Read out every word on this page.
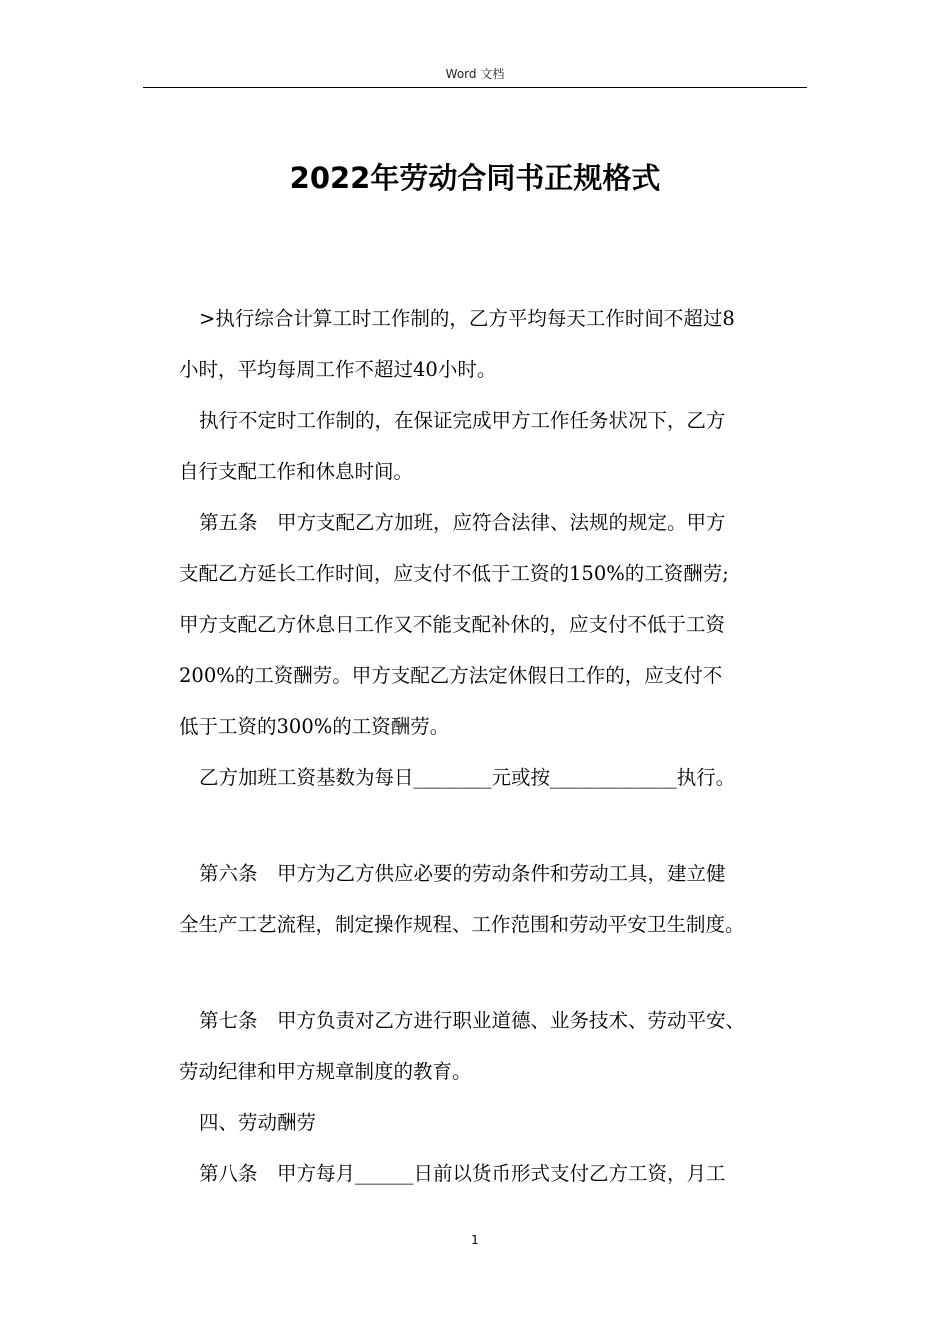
Word 文档
2022年劳动合同书正规格式
>执行综合计算工时工作制的，乙方平均每天工作时间不超过8
小时，平均每周工作不超过40小时。
执行不定时工作制的，在保证完成甲方工作任务状况下，乙方
自行支配工作和休息时间。
第五条　甲方支配乙方加班，应符合法律、法规的规定。甲方
支配乙方延长工作时间，应支付不低于工资的150%的工资酬劳;
甲方支配乙方休息日工作又不能支配补休的，应支付不低于工资
200%的工资酬劳。甲方支配乙方法定休假日工作的，应支付不
低于工资的300%的工资酬劳。
乙方加班工资基数为每日________元或按_____________执行。
第六条　甲方为乙方供应必要的劳动条件和劳动工具，建立健
全生产工艺流程，制定操作规程、工作范围和劳动平安卫生制度。
第七条　甲方负责对乙方进行职业道德、业务技术、劳动平安、
劳动纪律和甲方规章制度的教育。
四、劳动酬劳
第八条　甲方每月______日前以货币形式支付乙方工资，月工
1
